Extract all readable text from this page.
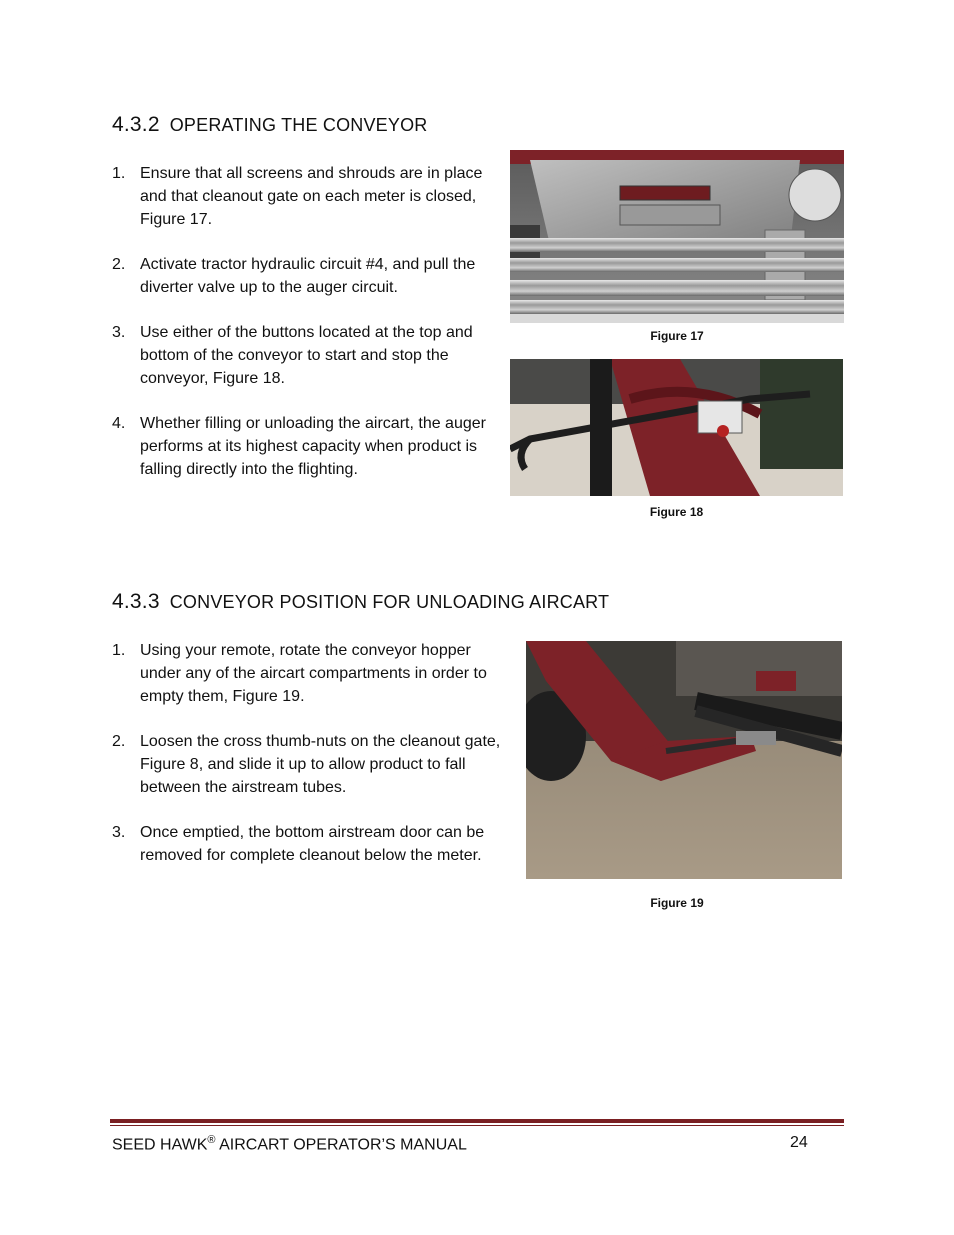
4.3.2 OPERATING THE CONVEYOR
1. Ensure that all screens and shrouds are in place and that cleanout gate on each meter is closed, Figure 17.
2. Activate tractor hydraulic circuit #4, and pull the diverter valve up to the auger circuit.
3. Use either of the buttons located at the top and bottom of the conveyor to start and stop the conveyor, Figure 18.
4. Whether filling or unloading the aircart, the auger performs at its highest capacity when product is falling directly into the flighting.
Figure 17
Figure 18
4.3.3 CONVEYOR POSITION FOR UNLOADING AIRCART
1. Using your remote, rotate the conveyor hopper under any of the aircart compartments in order to empty them, Figure 19.
2. Loosen the cross thumb-nuts on the cleanout gate, Figure 8, and slide it up to allow product to fall between the airstream tubes.
3. Once emptied, the bottom airstream door can be removed for complete cleanout below the meter.
Figure 19
SEED HAWK® AIRCART OPERATOR’S MANUAL	24
